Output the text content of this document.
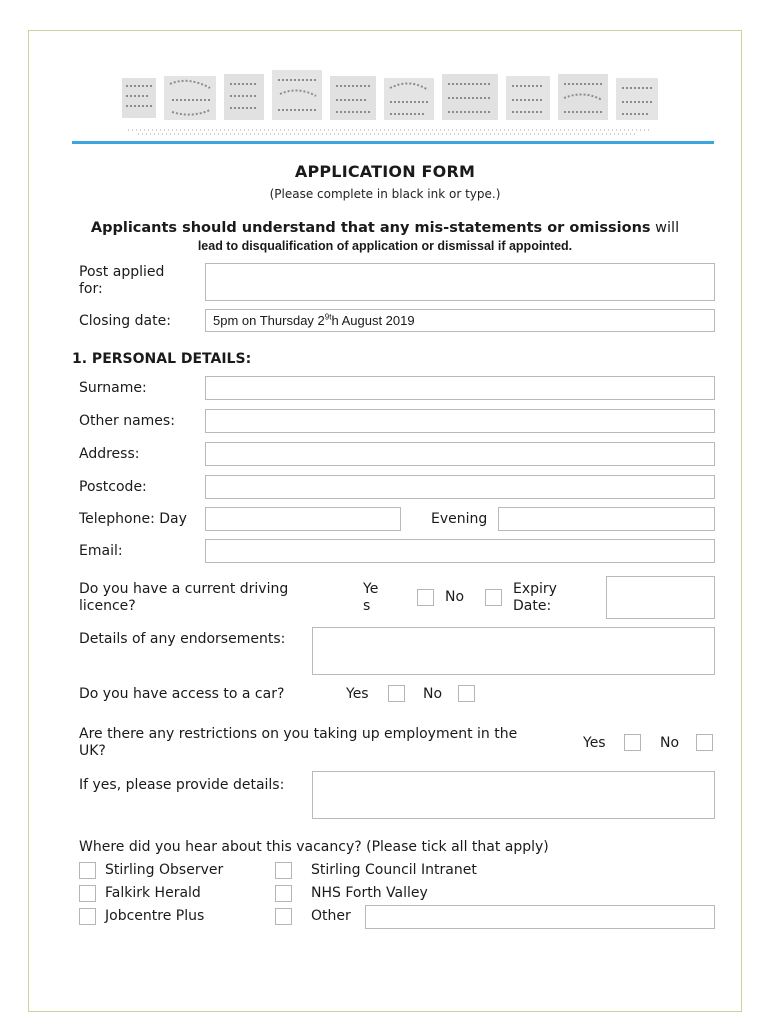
APPLICATION FORM
(Please complete in black ink or type.)
Applicants should understand that any mis-statements or omissions will
lead to disqualification of application or dismissal if appointed.
Post applied
for:
Closing date:	5pm on Thursday $2^{9t}h$ August 2019
1. PERSONAL DETAILS:
Surname:
Other names:
Address:
Postcode:
Telephone: Day	Evening
Email:
Do you have a current driving
licence?
Ye
s
No	Expiry
Date:
Details of any endorsements:
Do you have access to a car?	Yes	No
Are there any restrictions on you taking up employment in the
UK?	Yes	No
If yes, please provide details:
Where did you hear about this vacancy? (Please tick all that apply)
Stirling Observer	Stirling Council Intranet
Falkirk Herald	NHS Forth Valley
Jobcentre Plus	Other
